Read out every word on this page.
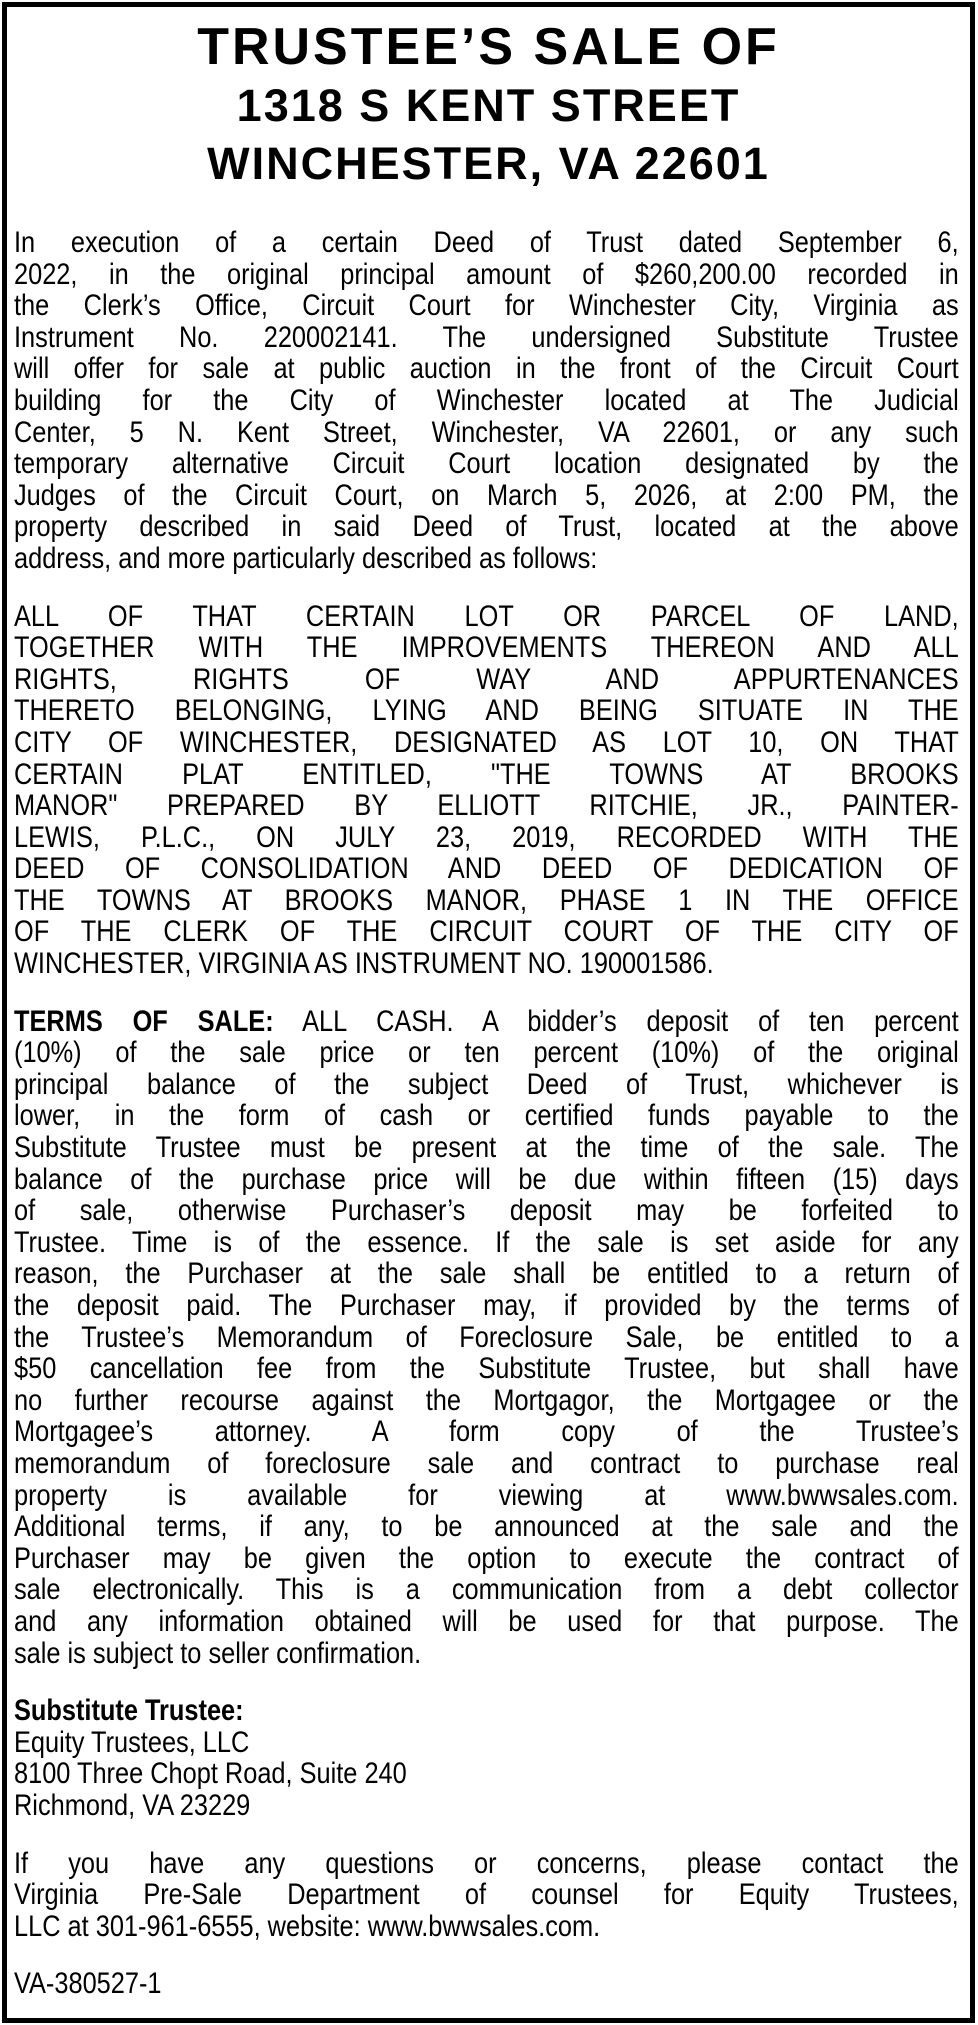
TRUSTEE’S SALE OF
1318 S KENT STREET
WINCHESTER, VA 22601
In execution of a certain Deed of Trust dated September 6,
2022, in the original principal amount of $260,200.00 recorded in
the Clerk’s Office, Circuit Court for Winchester City, Virginia as
Instrument No. 220002141. The undersigned Substitute Trustee
will offer for sale at public auction in the front of the Circuit Court
building for the City of Winchester located at The Judicial
Center, 5 N. Kent Street, Winchester, VA 22601, or any such
temporary alternative Circuit Court location designated by the
Judges of the Circuit Court, on March 5, 2026, at 2:00 PM, the
property described in said Deed of Trust, located at the above
address, and more particularly described as follows:
ALL OF THAT CERTAIN LOT OR PARCEL OF LAND,
TOGETHER WITH THE IMPROVEMENTS THEREON AND ALL
RIGHTS, RIGHTS OF WAY AND APPURTENANCES
THERETO BELONGING, LYING AND BEING SITUATE IN THE
CITY OF WINCHESTER, DESIGNATED AS LOT 10, ON THAT
CERTAIN PLAT ENTITLED, "THE TOWNS AT BROOKS
MANOR" PREPARED BY ELLIOTT RITCHIE, JR., PAINTER-
LEWIS, P.L.C., ON JULY 23, 2019, RECORDED WITH THE
DEED OF CONSOLIDATION AND DEED OF DEDICATION OF
THE TOWNS AT BROOKS MANOR, PHASE 1 IN THE OFFICE
OF THE CLERK OF THE CIRCUIT COURT OF THE CITY OF
WINCHESTER, VIRGINIA AS INSTRUMENT NO. 190001586.
TERMS OF SALE: ALL CASH. A bidder’s deposit of ten percent
(10%) of the sale price or ten percent (10%) of the original
principal balance of the subject Deed of Trust, whichever is
lower, in the form of cash or certified funds payable to the
Substitute Trustee must be present at the time of the sale. The
balance of the purchase price will be due within fifteen (15) days
of sale, otherwise Purchaser’s deposit may be forfeited to
Trustee. Time is of the essence. If the sale is set aside for any
reason, the Purchaser at the sale shall be entitled to a return of
the deposit paid. The Purchaser may, if provided by the terms of
the Trustee’s Memorandum of Foreclosure Sale, be entitled to a
$50 cancellation fee from the Substitute Trustee, but shall have
no further recourse against the Mortgagor, the Mortgagee or the
Mortgagee’s attorney. A form copy of the Trustee’s
memorandum of foreclosure sale and contract to purchase real
property is available for viewing at www.bwwsales.com.
Additional terms, if any, to be announced at the sale and the
Purchaser may be given the option to execute the contract of
sale electronically. This is a communication from a debt collector
and any information obtained will be used for that purpose. The
sale is subject to seller confirmation.
Substitute Trustee:
Equity Trustees, LLC
8100 Three Chopt Road, Suite 240
Richmond, VA 23229
If you have any questions or concerns, please contact the
Virginia Pre-Sale Department of counsel for Equity Trustees,
LLC at 301-961-6555, website: www.bwwsales.com.
VA-380527-1
